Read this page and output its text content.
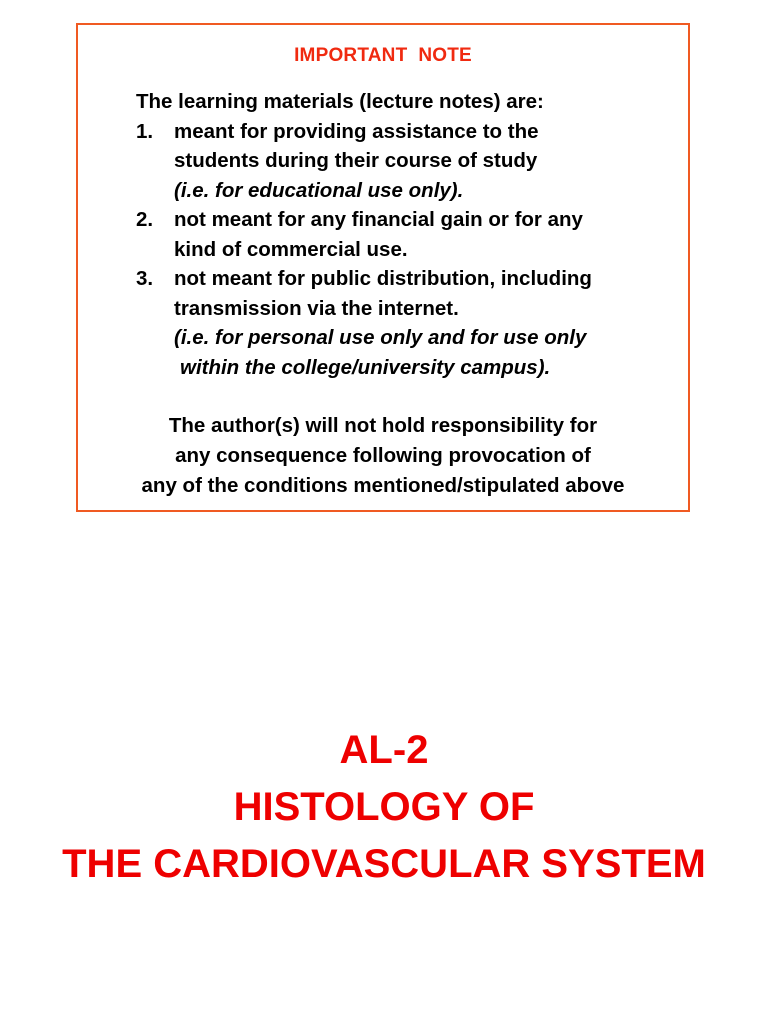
IMPORTANT  NOTE
The learning materials (lecture notes) are:
1. meant for providing assistance to the
students during their course of study
(i.e. for educational use only).
2. not meant for any financial gain or for any
kind of commercial use.
3. not meant for public distribution, including
transmission via the internet.
(i.e. for personal use only and for use only
within the college/university campus).
The author(s) will not hold responsibility for
any consequence following provocation of
any of the conditions mentioned/stipulated above
AL-2
HISTOLOGY OF
THE CARDIOVASCULAR SYSTEM
